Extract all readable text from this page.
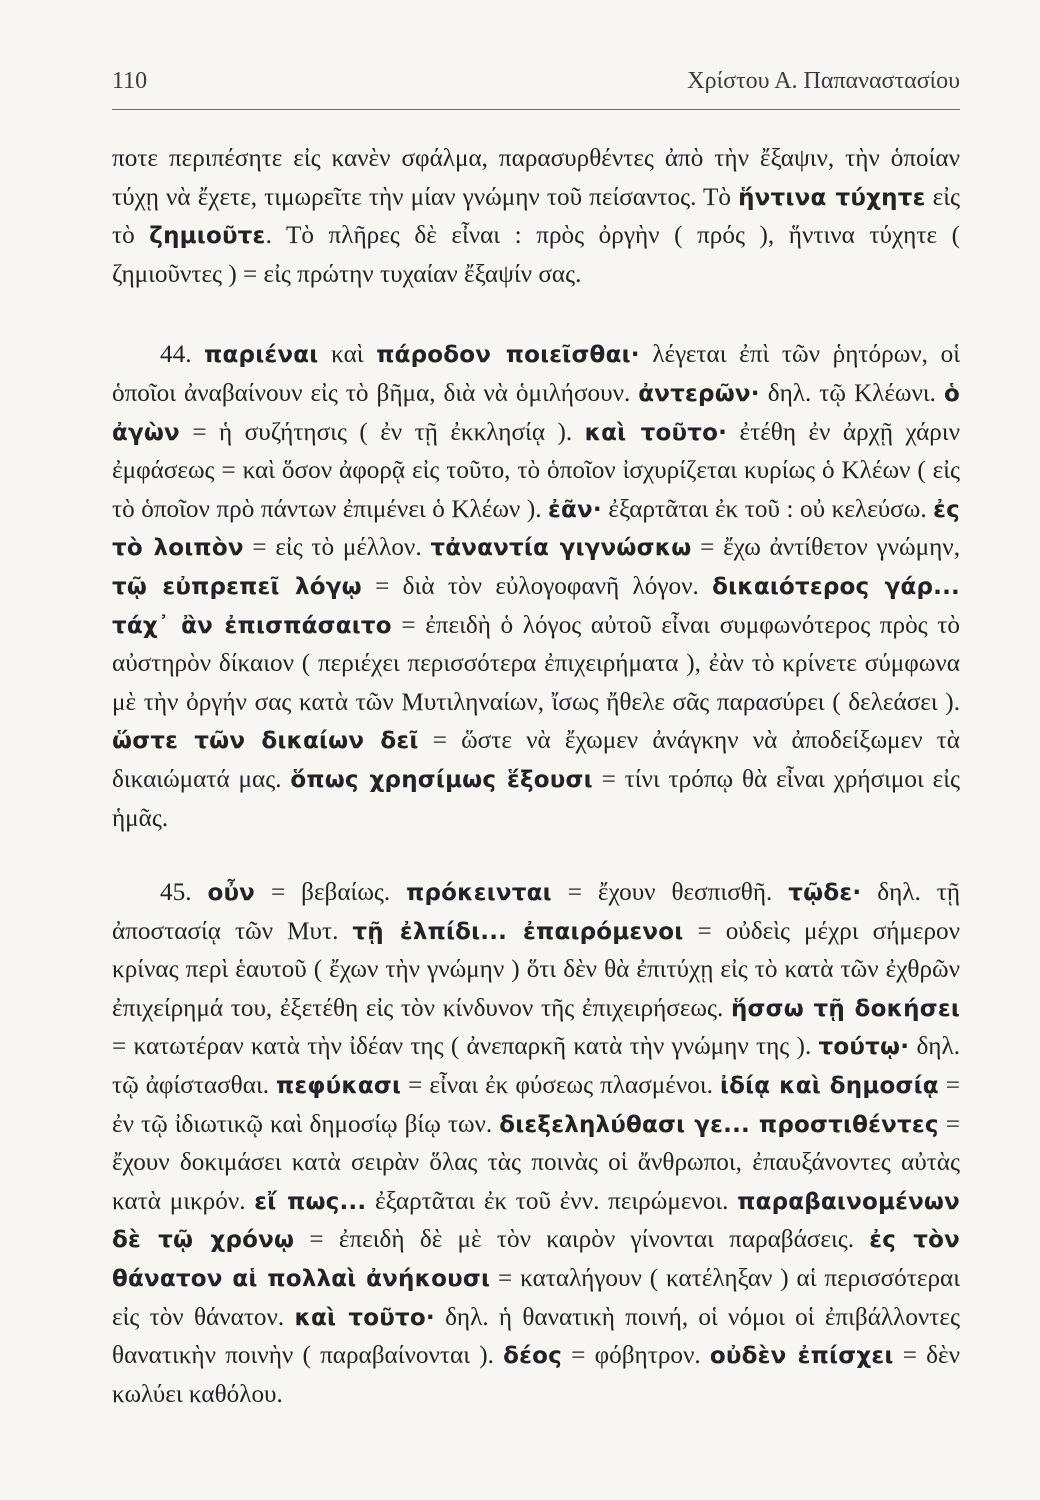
110	Χρίστου Α. Παπαναστασίου

ποτε περιπέσητε εἰς κανὲν σφάλμα, παρασυρθέντες ἀπὸ τὴν ἔξαψιν, τὴν ὁποίαν τύχῃ νὰ ἔχετε, τιμωρεῖτε τὴν μίαν γνώμην τοῦ πείσαντος. Τὸ ἥντινα τύχητε εἰς τὸ ζημιοῦτε. Τὸ πλῆρες δὲ εἶναι : πρὸς ὀργὴν ( πρός ), ἥντινα τύχητε ( ζημιοῦντες ) = εἰς πρώτην τυχαίαν ἔξαψίν σας.

44. παριέναι καὶ πάροδον ποιεῖσθαι· λέγεται ἐπὶ τῶν ῥητόρων, οἱ ὁποῖοι ἀναβαίνουν εἰς τὸ βῆμα, διὰ νὰ ὁμιλήσουν. ἀντερῶν· δηλ. τῷ Κλέωνι. ὁ ἀγὼν = ἡ συζήτησις ( ἐν τῇ ἐκκλησίᾳ ). καὶ τοῦτο· ἐτέθη ἐν ἀρχῇ χάριν ἐμφάσεως = καὶ ὅσον ἀφορᾷ εἰς τοῦτο, τὸ ὁποῖον ἰσχυρίζεται κυρίως ὁ Κλέων ( εἰς τὸ ὁποῖον πρὸ πάντων ἐπιμένει ὁ Κλέων ). ἐᾶν· ἐξαρτᾶται ἐκ τοῦ : οὐ κελεύσω. ἐς τὸ λοιπὸν = εἰς τὸ μέλλον. τἀναντία γιγνώσκω = ἔχω ἀντίθετον γνώμην, τῷ εὐπρεπεῖ λόγῳ = διὰ τὸν εὐλογοφανῆ λόγον. δικαιότερος γάρ... τάχ᾿ ἂν ἐπισπάσαιτο = ἐπειδὴ ὁ λόγος αὐτοῦ εἶναι συμφωνότερος πρὸς τὸ αὐστηρὸν δίκαιον ( περιέχει περισσότερα ἐπιχειρήματα ), ἐὰν τὸ κρίνετε σύμφωνα μὲ τὴν ὀργήν σας κατὰ τῶν Μυτιληναίων, ἴσως ἤθελε σᾶς παρασύρει ( δελεάσει ). ὥστε τῶν δικαίων δεῖ = ὥστε νὰ ἔχωμεν ἀνάγκην νὰ ἀποδείξωμεν τὰ δικαιώματά μας. ὅπως χρησίμως ἕξουσι = τίνι τρόπῳ θὰ εἶναι χρήσιμοι εἰς ἡμᾶς.

45. οὖν = βεβαίως. πρόκεινται = ἔχουν θεσπισθῆ. τῷδε· δηλ. τῇ ἀποστασίᾳ τῶν Μυτ. τῇ ἐλπίδι... ἐπαιρόμενοι = οὐδεὶς μέχρι σήμερον κρίνας περὶ ἑαυτοῦ ( ἔχων τὴν γνώμην ) ὅτι δὲν θὰ ἐπιτύχῃ εἰς τὸ κατὰ τῶν ἐχθρῶν ἐπιχείρημά του, ἐξετέθη εἰς τὸν κίνδυνον τῆς ἐπιχειρήσεως. ἥσσω τῇ δοκήσει = κατωτέραν κατὰ τὴν ἰδέαν της ( ἀνεπαρκῆ κατὰ τὴν γνώμην της ). τούτῳ· δηλ. τῷ ἀφίστασθαι. πεφύκασι = εἶναι ἐκ φύσεως πλασμένοι. ἰδίᾳ καὶ δημοσίᾳ = ἐν τῷ ἰδιωτικῷ καὶ δημοσίῳ βίῳ των. διεξεληλύθασι γε... προστιθέντες = ἔχουν δοκιμάσει κατὰ σειρὰν ὅλας τὰς ποινὰς οἱ ἄνθρωποι, ἐπαυξάνοντες αὐτὰς κατὰ μικρόν. εἴ πως... ἐξαρτᾶται ἐκ τοῦ ἐνν. πειρώμενοι. παραβαινομένων δὲ τῷ χρόνῳ = ἐπειδὴ δὲ μὲ τὸν καιρὸν γίνονται παραβάσεις. ἐς τὸν θάνατον αἱ πολλαὶ ἀνήκουσι = καταλήγουν ( κατέληξαν ) αἱ περισσότεραι εἰς τὸν θάνατον. καὶ τοῦτο· δηλ. ἡ θανατικὴ ποινή, οἱ νόμοι οἱ ἐπιβάλλοντες θανατικὴν ποινὴν ( παραβαίνονται ). δέος = φόβητρον. οὐδὲν ἐπίσχει = δὲν κωλύει καθόλου.
